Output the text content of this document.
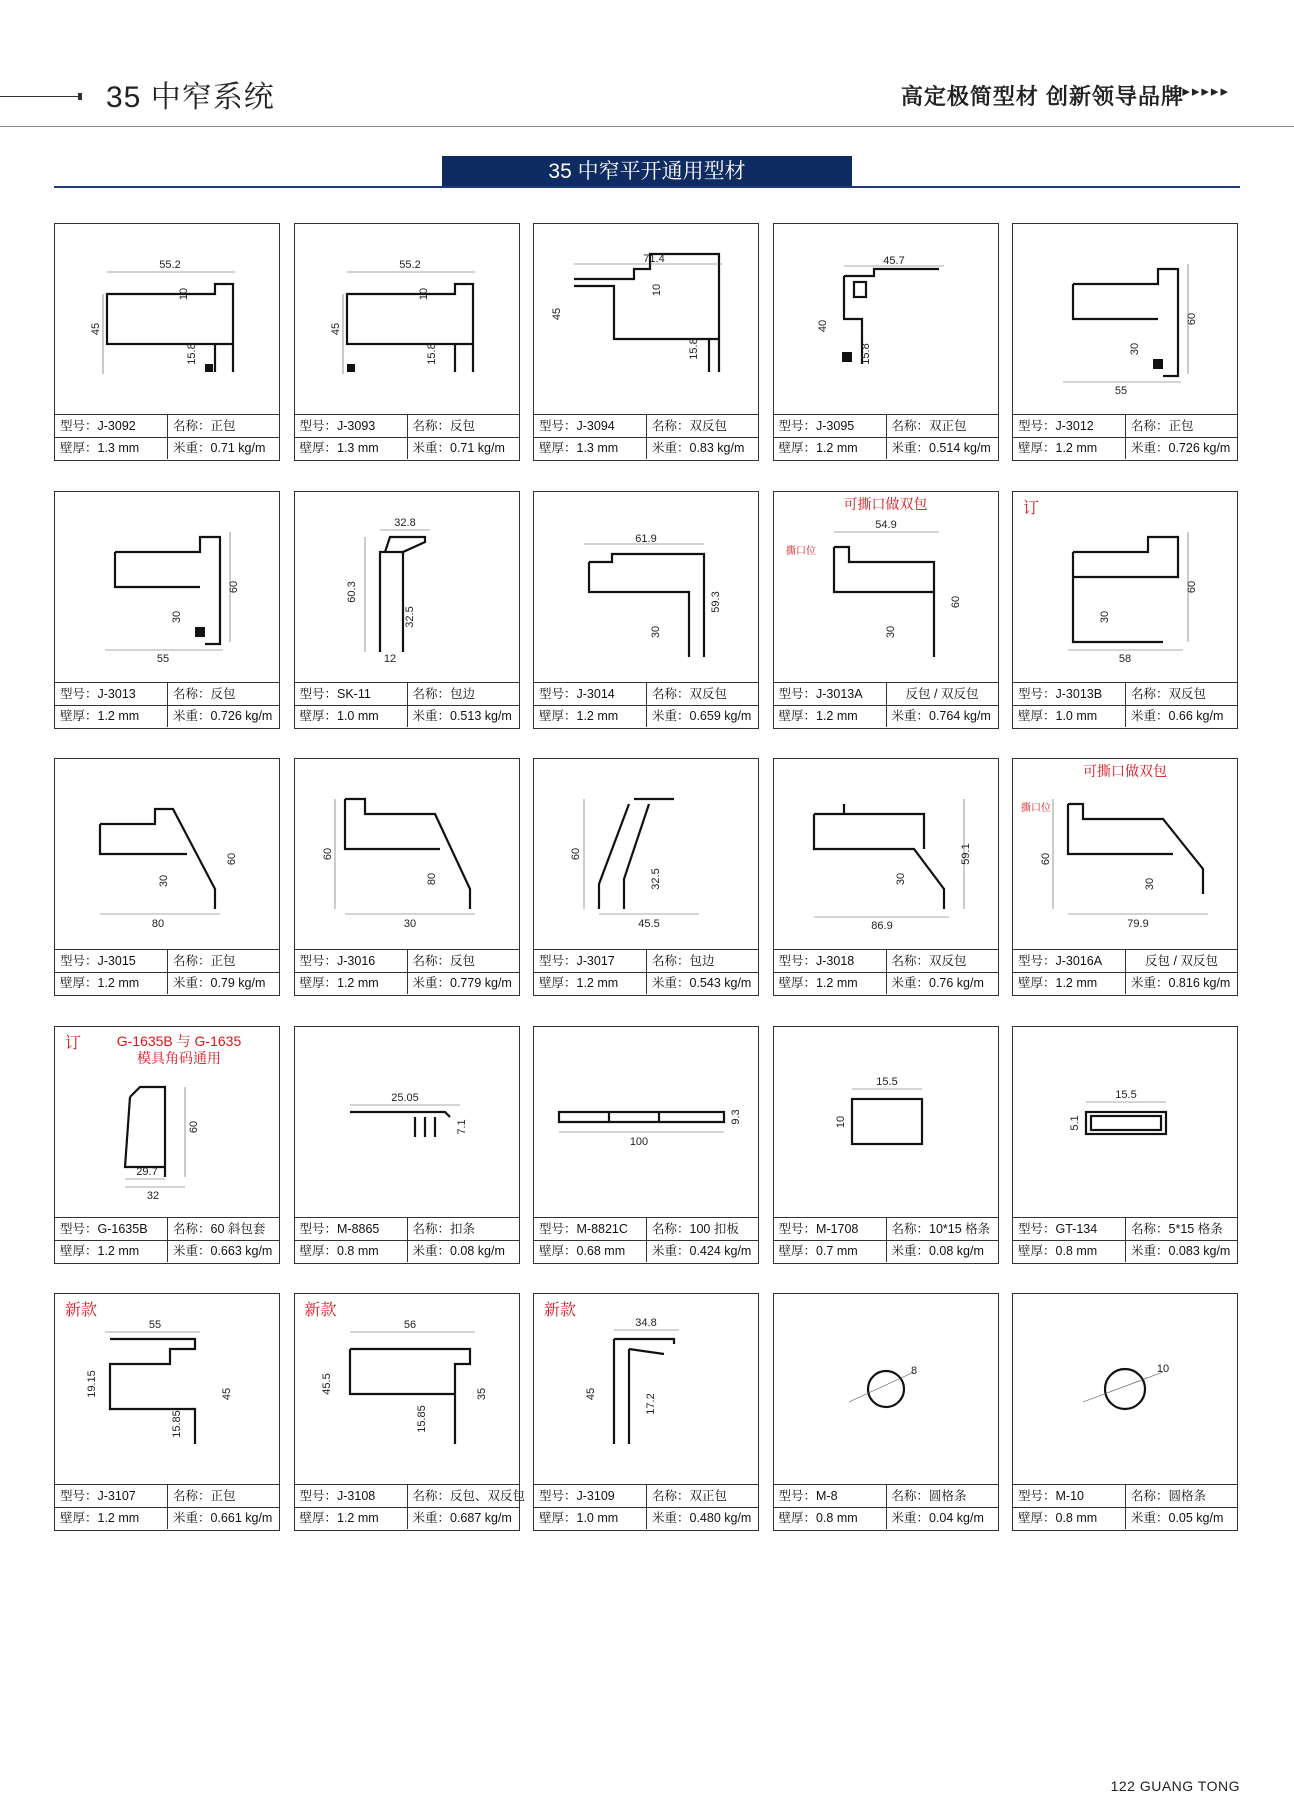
35 中窄系统	高定极简型材 创新领导品牌
▸▸▸▸▸
35 中窄平开通用型材
55.2
10
45
15.8
型号：J-3092	名称：正包
壁厚：1.3 mm	米重：0.71 kg/m
55.2
10
45
15.8
型号：J-3093	名称：反包
壁厚：1.3 mm	米重：0.71 kg/m
71.4
10
45
15.8
型号：J-3094	名称：双反包
壁厚：1.3 mm	米重：0.83 kg/m
45.7
40
15.8
型号：J-3095	名称：双正包
壁厚：1.2 mm	米重：0.514 kg/m
60
30
55
型号：J-3012	名称：正包
壁厚：1.2 mm	米重：0.726 kg/m
60
30
55
型号：J-3013	名称：反包
壁厚：1.2 mm	米重：0.726 kg/m
60.3
32.8
32.5
12
型号：SK-11	名称：包边
壁厚：1.0 mm	米重：0.513 kg/m
61.9
59.3
30
型号：J-3014	名称：双反包
壁厚：1.2 mm	米重：0.659 kg/m
54.9
60
30
撕口位
可撕口做双包
型号：J-3013A	反包 / 双反包
壁厚：1.2 mm	米重：0.764 kg/m
60
30
58
订
型号：J-3013B	名称：双反包
壁厚：1.0 mm	米重：0.66 kg/m
80
60
30
型号：J-3015	名称：正包
壁厚：1.2 mm	米重：0.79 kg/m
60
30
80
型号：J-3016	名称：反包
壁厚：1.2 mm	米重：0.779 kg/m
60
32.5
45.5
型号：J-3017	名称：包边
壁厚：1.2 mm	米重：0.543 kg/m
59.1
30
86.9
型号：J-3018	名称：双反包
壁厚：1.2 mm	米重：0.76 kg/m
60
30
79.9
撕口位
可撕口做双包
型号：J-3016A	反包 / 双反包
壁厚：1.2 mm	米重：0.816 kg/m
60
29.7
32
订	G-1635B 与 G-1635
模具角码通用
型号：G-1635B	名称：60 斜包套
壁厚：1.2 mm	米重：0.663 kg/m
25.05
7.1
型号：M-8865	名称：扣条
壁厚：0.8 mm	米重：0.08 kg/m
100
9.3
型号：M-8821C	名称：100 扣板
壁厚：0.68 mm	米重：0.424 kg/m
15.5
10
型号：M-1708	名称：10*15 格条
壁厚：0.7 mm	米重：0.08 kg/m
15.5
5.1
型号：GT-134	名称：5*15 格条
壁厚：0.8 mm	米重：0.083 kg/m
55
19.15	45
15.85
新款
型号：J-3107	名称：正包
壁厚：1.2 mm	米重：0.661 kg/m
56
45.5	35
15.85
新款
型号：J-3108	名称：反包、双反包
壁厚：1.2 mm	米重：0.687 kg/m
34.8
45	17.2
新款
型号：J-3109	名称：双正包
壁厚：1.0 mm	米重：0.480 kg/m
8
型号：M-8	名称：圆格条
壁厚：0.8 mm	米重：0.04 kg/m
10
型号：M-10	名称：圆格条
壁厚：0.8 mm	米重：0.05 kg/m
122 GUANG TONG
